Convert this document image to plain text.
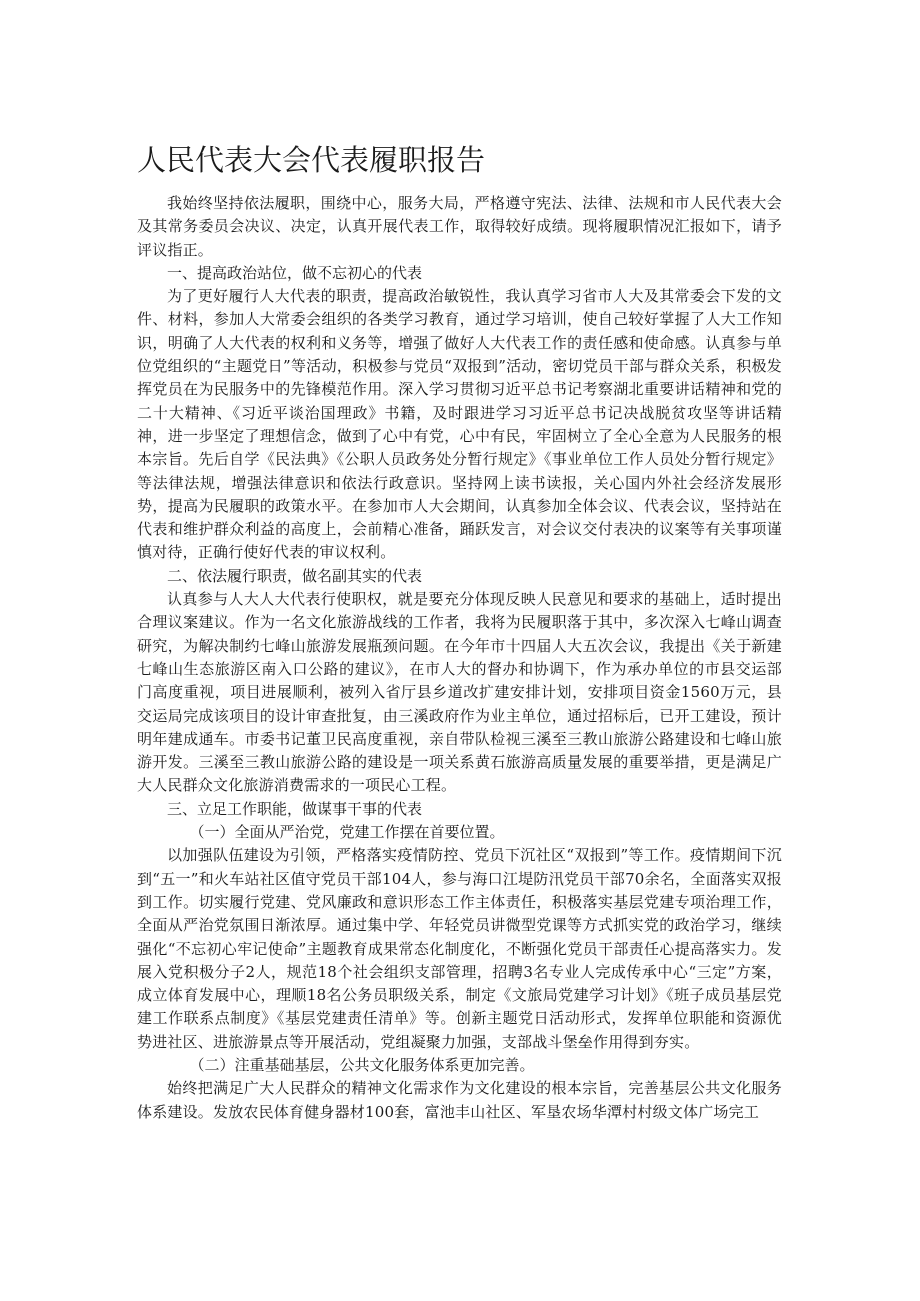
人民代表大会代表履职报告

我始终坚持依法履职，围绕中心，服务大局，严格遵守宪法、法律、法规和市人民代表大会及其常务委员会决议、决定，认真开展代表工作，取得较好成绩。现将履职情况汇报如下，请予评议指正。

一、提高政治站位，做不忘初心的代表

为了更好履行人大代表的职责，提高政治敏锐性，我认真学习省市人大及其常委会下发的文件、材料，参加人大常委会组织的各类学习教育，通过学习培训，使自己较好掌握了人大工作知识，明确了人大代表的权利和义务等，增强了做好人大代表工作的责任感和使命感。认真参与单位党组织的“主题党日”等活动，积极参与党员“双报到”活动，密切党员干部与群众关系，积极发挥党员在为民服务中的先锋模范作用。深入学习贯彻习近平总书记考察湖北重要讲话精神和党的二十大精神、《习近平谈治国理政》书籍，及时跟进学习习近平总书记决战脱贫攻坚等讲话精神，进一步坚定了理想信念，做到了心中有党，心中有民，牢固树立了全心全意为人民服务的根本宗旨。先后自学《民法典》《公职人员政务处分暂行规定》《事业单位工作人员处分暂行规定》等法律法规，增强法律意识和依法行政意识。坚持网上读书读报，关心国内外社会经济发展形势，提高为民履职的政策水平。在参加市人大会期间，认真参加全体会议、代表会议，坚持站在代表和维护群众利益的高度上，会前精心准备，踊跃发言，对会议交付表决的议案等有关事项谨慎对待，正确行使好代表的审议权利。

二、依法履行职责，做名副其实的代表

认真参与人大人大代表行使职权，就是要充分体现反映人民意见和要求的基础上，适时提出合理议案建议。作为一名文化旅游战线的工作者，我将为民履职落于其中，多次深入七峰山调查研究，为解决制约七峰山旅游发展瓶颈问题。在今年市十四届人大五次会议，我提出《关于新建七峰山生态旅游区南入口公路的建议》，在市人大的督办和协调下，作为承办单位的市县交运部门高度重视，项目进展顺利，被列入省厅县乡道改扩建安排计划，安排项目资金1560万元，县交运局完成该项目的设计审查批复，由三溪政府作为业主单位，通过招标后，已开工建设，预计明年建成通车。市委书记董卫民高度重视，亲自带队检视三溪至三教山旅游公路建设和七峰山旅游开发。三溪至三教山旅游公路的建设是一项关系黄石旅游高质量发展的重要举措，更是满足广大人民群众文化旅游消费需求的一项民心工程。

三、立足工作职能，做谋事干事的代表

（一）全面从严治党，党建工作摆在首要位置。

以加强队伍建设为引领，严格落实疫情防控、党员下沉社区“双报到”等工作。疫情期间下沉到“五一”和火车站社区值守党员干部104人，参与海口江堤防汛党员干部70余名，全面落实双报到工作。切实履行党建、党风廉政和意识形态工作主体责任，积极落实基层党建专项治理工作，全面从严治党氛围日渐浓厚。通过集中学、年轻党员讲微型党课等方式抓实党的政治学习，继续强化“不忘初心牢记使命”主题教育成果常态化制度化，不断强化党员干部责任心提高落实力。发展入党积极分子2人，规范18个社会组织支部管理，招聘3名专业人完成传承中心“三定”方案，成立体育发展中心，理顺18名公务员职级关系，制定《文旅局党建学习计划》《班子成员基层党建工作联系点制度》《基层党建责任清单》等。创新主题党日活动形式，发挥单位职能和资源优势进社区、进旅游景点等开展活动，党组凝聚力加强，支部战斗堡垒作用得到夯实。

（二）注重基础基层，公共文化服务体系更加完善。

始终把满足广大人民群众的精神文化需求作为文化建设的根本宗旨，完善基层公共文化服务体系建设。发放农民体育健身器材100套，富池丰山社区、军垦农场华潭村村级文体广场完工
